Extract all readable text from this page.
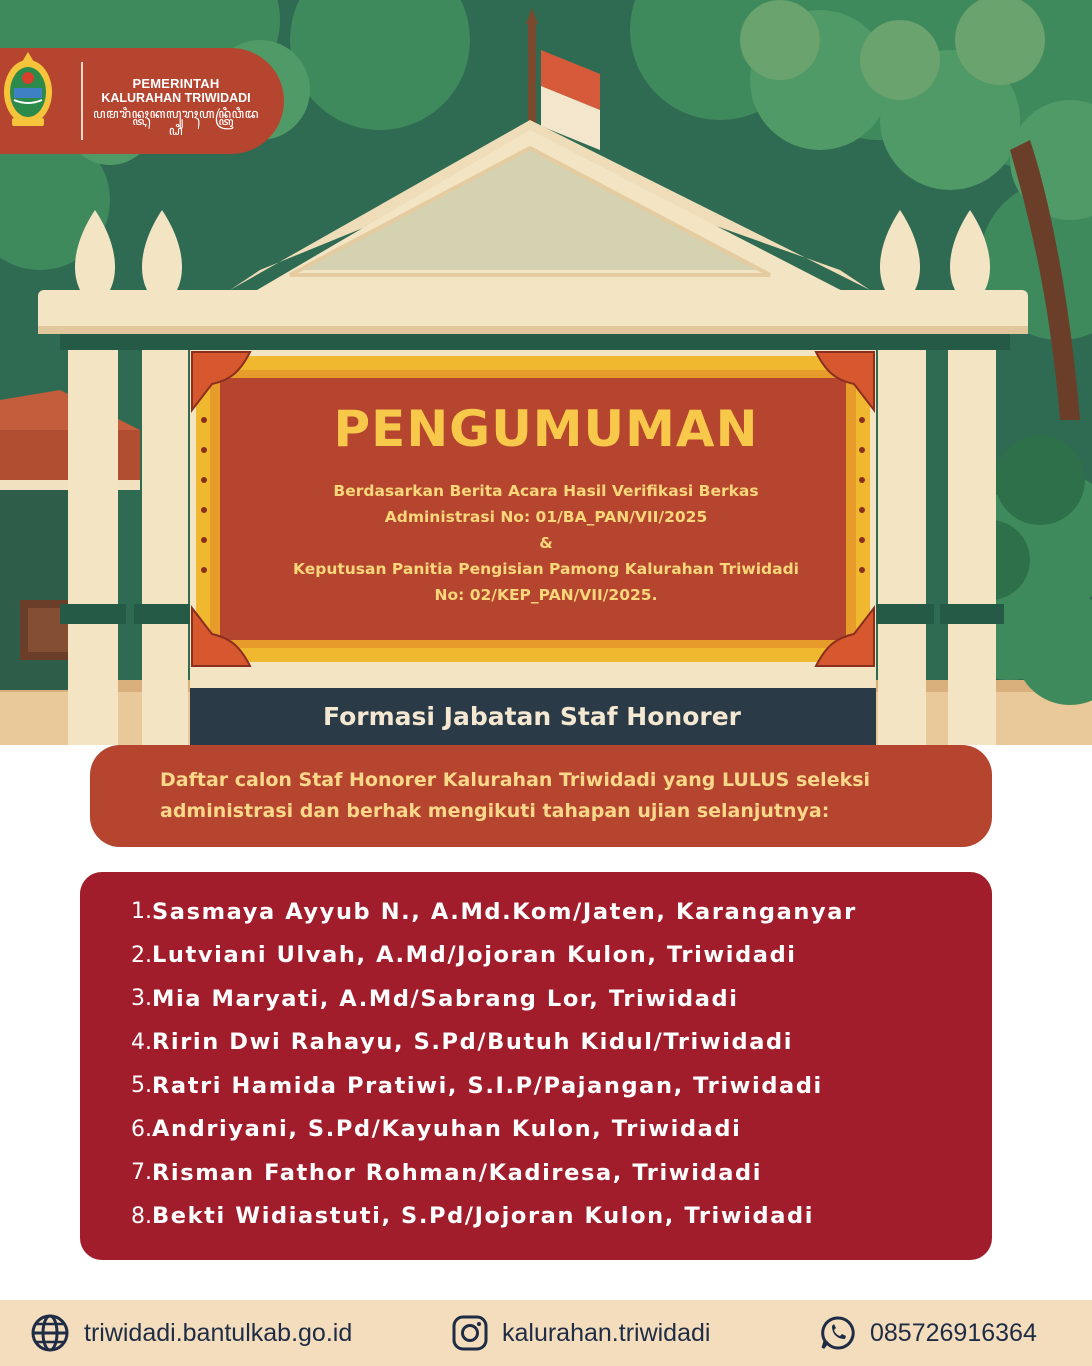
PEMERINTAH
KALURAHAN TRIWIDADI
ꦥꦩꦫꦶꦤ꧀ꦠꦃꦏꦭꦸꦫꦃꦲꦤ꧀ꦠꦿꦶꦮꦶꦢꦝꦶ
PENGUMUMAN
Berdasarkan Berita Acara Hasil Verifikasi Berkas
Administrasi No: 01/BA_PAN/VII/2025
&
Keputusan Panitia Pengisian Pamong Kalurahan Triwidadi
No: 02/KEP_PAN/VII/2025.
Formasi Jabatan Staf Honorer
Daftar calon Staf Honorer Kalurahan Triwidadi yang LULUS seleksi
administrasi dan berhak mengikuti tahapan ujian selanjutnya:
1. Sasmaya Ayyub N., A.Md.Kom/Jaten, Karanganyar
2. Lutviani Ulvah, A.Md/Jojoran Kulon, Triwidadi
3. Mia Maryati, A.Md/Sabrang Lor, Triwidadi
4. Ririn Dwi Rahayu, S.Pd/Butuh Kidul/Triwidadi
5. Ratri Hamida Pratiwi, S.I.P/Pajangan, Triwidadi
6. Andriyani, S.Pd/Kayuhan Kulon, Triwidadi
7. Risman Fathor Rohman/Kadiresa, Triwidadi
8. Bekti Widiastuti, S.Pd/Jojoran Kulon, Triwidadi
triwidadi.bantulkab.go.id	kalurahan.triwidadi	085726916364
